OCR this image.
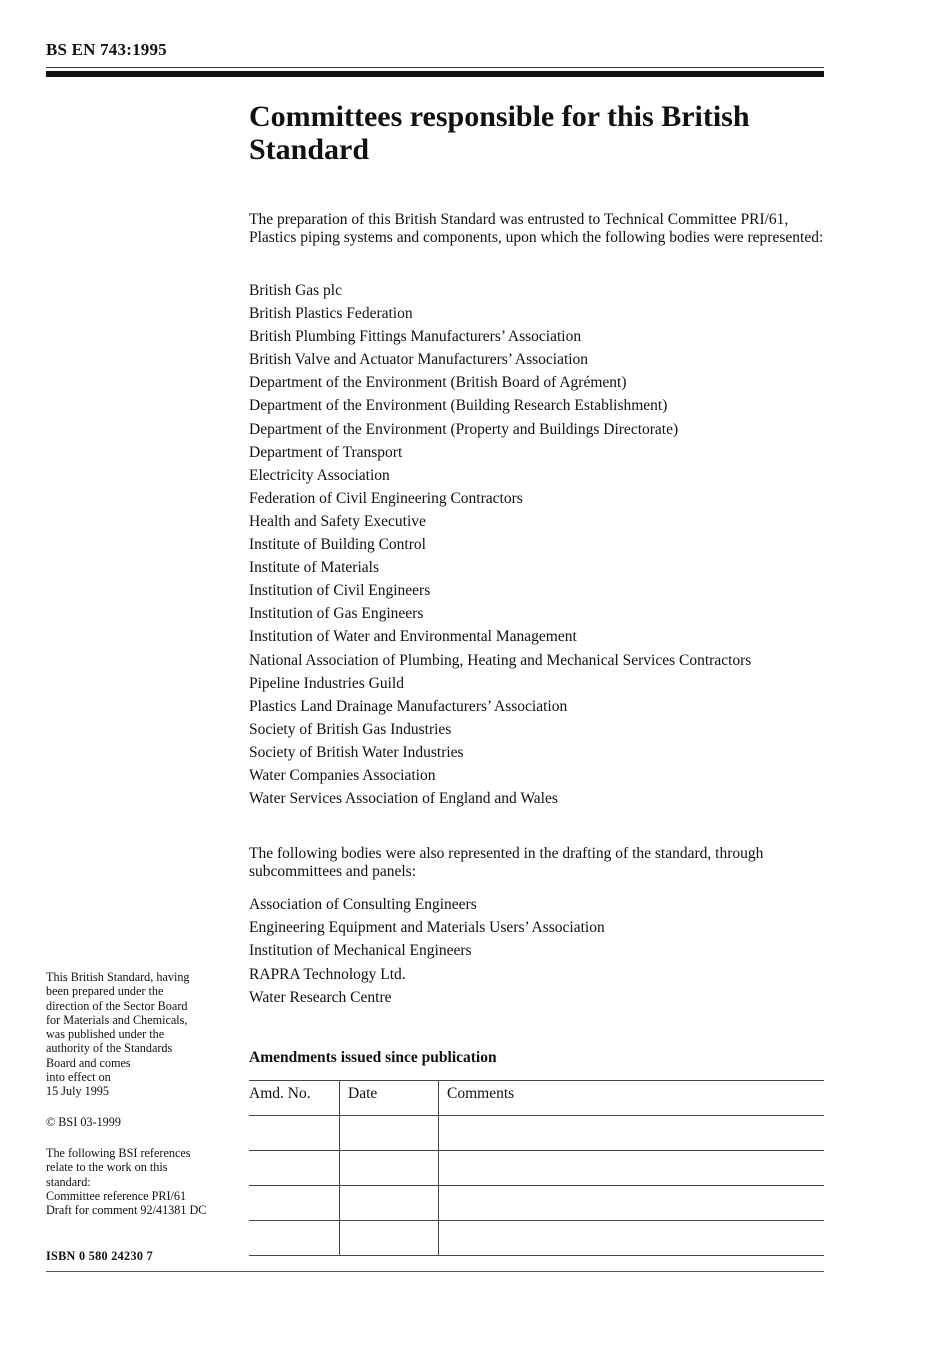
BS EN 743:1995
Committees responsible for this British Standard

The preparation of this British Standard was entrusted to Technical Committee PRI/61, Plastics piping systems and components, upon which the following bodies were represented:

British Gas plc
British Plastics Federation
British Plumbing Fittings Manufacturers’ Association
British Valve and Actuator Manufacturers’ Association
Department of the Environment (British Board of Agrément)
Department of the Environment (Building Research Establishment)
Department of the Environment (Property and Buildings Directorate)
Department of Transport
Electricity Association
Federation of Civil Engineering Contractors
Health and Safety Executive
Institute of Building Control
Institute of Materials
Institution of Civil Engineers
Institution of Gas Engineers
Institution of Water and Environmental Management
National Association of Plumbing, Heating and Mechanical Services Contractors
Pipeline Industries Guild
Plastics Land Drainage Manufacturers’ Association
Society of British Gas Industries
Society of British Water Industries
Water Companies Association
Water Services Association of England and Wales

The following bodies were also represented in the drafting of the standard, through subcommittees and panels:

Association of Consulting Engineers
Engineering Equipment and Materials Users’ Association
Institution of Mechanical Engineers
RAPRA Technology Ltd.
Water Research Centre
Amendments issued since publication
Amd. No.	Date	Comments

This British Standard, having
been prepared under the
direction of the Sector Board
for Materials and Chemicals,
was published under the
authority of the Standards
Board and comes
into effect on
15 July 1995
© BSI 03-1999
The following BSI references
relate to the work on this
standard:
Committee reference PRI/61
Draft for comment 92/41381 DC
ISBN 0 580 24230 7
